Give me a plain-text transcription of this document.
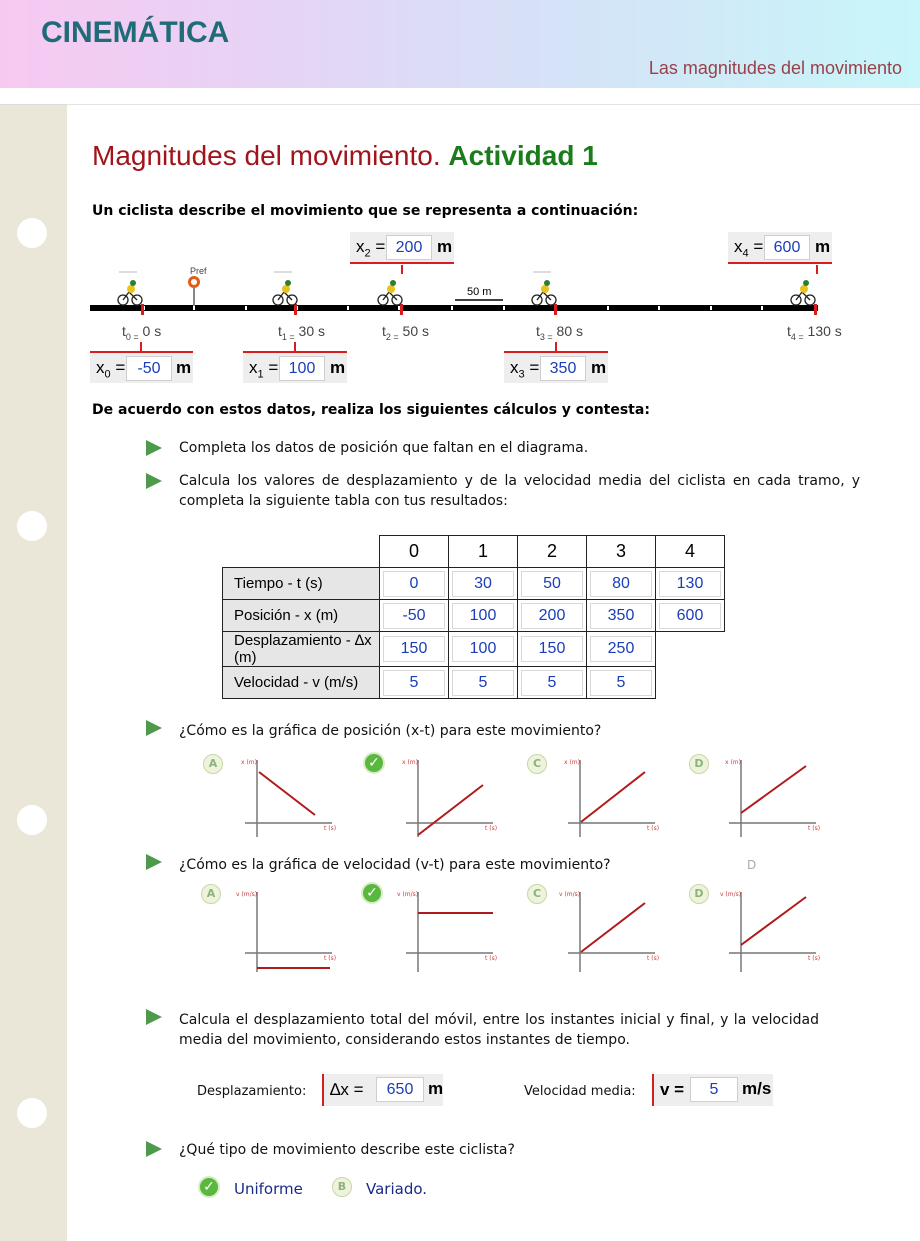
CINEMÁTICA
Las magnitudes del movimiento
Magnitudes del movimiento. Actividad 1
Un ciclista describe el movimiento que se representa a continuación:
Pref
50 m
$t_{0 =}$ 0 s	$t_{1 =}$ 30 s	$t_{2 =}$ 50 s	$t_{3 =}$ 80 s	$t_{4 =}$ 130 s
$x_2 = 200$ m	$x_4 = 600$ m
$x_0 = -50$ m	$x_1 = 100$ m	$x_3 = 350$ m
De acuerdo con estos datos, realiza los siguientes cálculos y contesta:
Completa los datos de posición que faltan en el diagrama.
Calcula los valores de desplazamiento y de la velocidad media del ciclista en cada tramo, y completa la siguiente tabla con tus resultados:
	0	1	2	3	4
Tiempo - t (s)	0	30	50	80	130
Posición - x (m)	-50	100	200	350	600
Desplazamiento - ∆x (m)	150	100	150	250
Velocidad - v (m/s)	5	5	5	5	
¿Cómo es la gráfica de posición (x-t) para este movimiento?
A	✓	C	D
x (m)
t (s)
x (m)
t (s)
x (m)
t (s)
x (m)
t (s)
¿Cómo es la gráfica de velocidad (v-t) para este movimiento?	D
A	✓	C	D
v (m/s)
t (s)
v (m/s)
t (s)
v (m/s)
t (s)
v (m/s)
t (s)
Calcula el desplazamiento total del móvil, entre los instantes inicial y final, y la velocidad media del movimiento, considerando estos instantes de tiempo.
Desplazamiento: ∆x =	650 m	Velocidad media: v =	5	m/s
¿Qué tipo de movimiento describe este ciclista?
✓	Uniforme	B	Variado.
